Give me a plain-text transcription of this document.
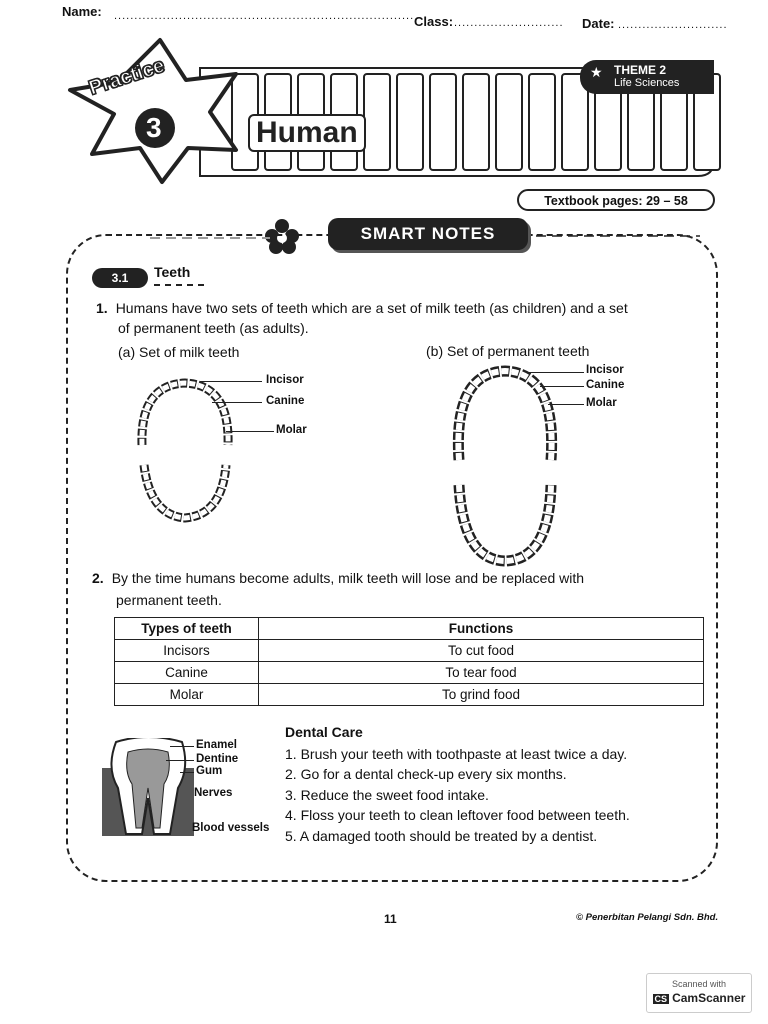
Name: .......................................................................... Class: ........................... Date: ...........................
Practice
3	Human
★ THEME 2
Life Sciences
Textbook pages: 29 – 58
SMART NOTES
3.1	Teeth
1. Humans have two sets of teeth which are a set of milk teeth (as children) and a set
of permanent teeth (as adults).
(a) Set of milk teeth	(b) Set of permanent teeth
Incisor
Canine
Molar
Incisor
Canine
Molar
2. By the time humans become adults, milk teeth will lose and be replaced with
permanent teeth.
Types of teeth	Functions
Incisors	To cut food
Canine	To tear food
Molar	To grind food
Enamel
Dentine
Gum
Nerves
Blood vessels
Dental Care
1. Brush your teeth with toothpaste at least twice a day.
2. Go for a dental check-up every six months.
3. Reduce the sweet food intake.
4. Floss your teeth to clean leftover food between teeth.
5. A damaged tooth should be treated by a dentist.
11	© Penerbitan Pelangi Sdn. Bhd.
Scanned with
CS CamScanner
